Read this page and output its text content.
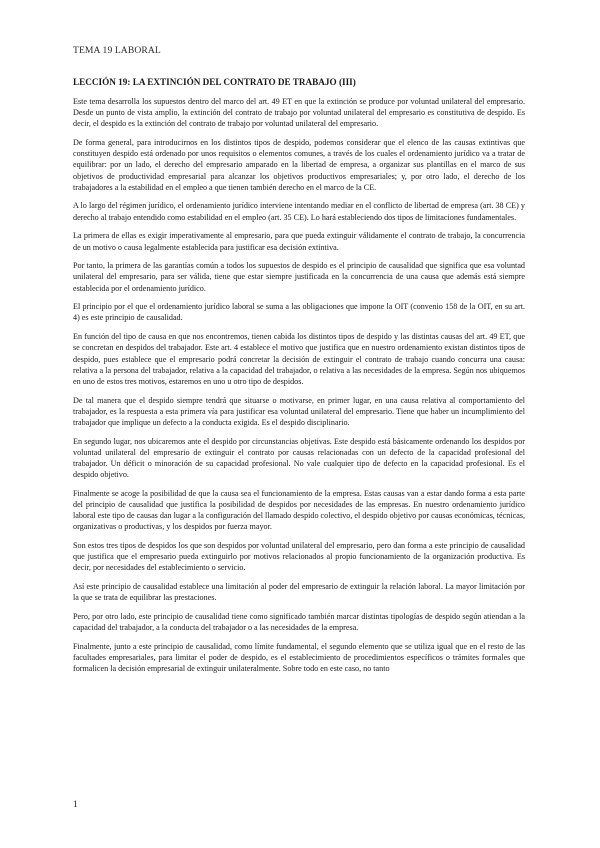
TEMA 19 LABORAL
LECCIÓN 19: LA EXTINCIÓN DEL CONTRATO DE TRABAJO (III)

Este tema desarrolla los supuestos dentro del marco del art. 49 ET en que la extinción se produce por voluntad unilateral del empresario. Desde un punto de vista amplio, la extinción del contrato de trabajo por voluntad unilateral del empresario es constitutiva de despido. Es decir, el despido es la extinción del contrato de trabajo por voluntad unilateral del empresario.

De forma general, para introducirnos en los distintos tipos de despido, podemos considerar que el elenco de las causas extintivas que constituyen despido está ordenado por unos requisitos o elementos comunes, a través de los cuales el ordenamiento jurídico va a tratar de equilibrar: por un lado, el derecho del empresario amparado en la libertad de empresa, a organizar sus plantillas en el marco de sus objetivos de productividad empresarial para alcanzar los objetivos productivos empresariales; y, por otro lado, el derecho de los trabajadores a la estabilidad en el empleo a que tienen también derecho en el marco de la CE.

A lo largo del régimen jurídico, el ordenamiento jurídico interviene intentando mediar en el conflicto de libertad de empresa (art. 38 CE) y derecho al trabajo entendido como estabilidad en el empleo (art. 35 CE). Lo hará estableciendo dos tipos de limitaciones fundamentales.

La primera de ellas es exigir imperativamente al empresario, para que pueda extinguir válidamente el contrato de trabajo, la concurrencia de un motivo o causa legalmente establecida para justificar esa decisión extintiva.

Por tanto, la primera de las garantías común a todos los supuestos de despido es el principio de causalidad que significa que esa voluntad unilateral del empresario, para ser válida, tiene que estar siempre justificada en la concurrencia de una causa que además está siempre establecida por el ordenamiento jurídico.

El principio por el que el ordenamiento jurídico laboral se suma a las obligaciones que impone la OIT (convenio 158 de la OIT, en su art. 4) es este principio de causalidad.

En función del tipo de causa en que nos encontremos, tienen cabida los distintos tipos de despido y las distintas causas del art. 49 ET, que se concretan en despidos del trabajador. Este art. 4 establece el motivo que justifica que en nuestro ordenamiento existan distintos tipos de despido, pues establece que el empresario podrá concretar la decisión de extinguir el contrato de trabajo cuando concurra una causa: relativa a la persona del trabajador, relativa a la capacidad del trabajador, o relativa a las necesidades de la empresa. Según nos ubiquemos en uno de estos tres motivos, estaremos en uno u otro tipo de despidos.

De tal manera que el despido siempre tendrá que situarse o motivarse, en primer lugar, en una causa relativa al comportamiento del trabajador, es la respuesta a esta primera vía para justificar esa voluntad unilateral del empresario. Tiene que haber un incumplimiento del trabajador que implique un defecto a la conducta exigida. Es el despido disciplinario.

En segundo lugar, nos ubicaremos ante el despido por circunstancias objetivas. Este despido está básicamente ordenando los despidos por voluntad unilateral del empresario de extinguir el contrato por causas relacionadas con un defecto de la capacidad profesional del trabajador. Un déficit o minoración de su capacidad profesional. No vale cualquier tipo de defecto en la capacidad profesional. Es el despido objetivo.

Finalmente se acoge la posibilidad de que la causa sea el funcionamiento de la empresa. Estas causas van a estar dando forma a esta parte del principio de causalidad que justifica la posibilidad de despidos por necesidades de las empresas. En nuestro ordenamiento jurídico laboral este tipo de causas dan lugar a la configuración del llamado despido colectivo, el despido objetivo por causas económicas, técnicas, organizativas o productivas, y los despidos por fuerza mayor.

Son estos tres tipos de despidos los que son despidos por voluntad unilateral del empresario, pero dan forma a este principio de causalidad que justifica que el empresario pueda extinguirlo por motivos relacionados al propio funcionamiento de la organización productiva. Es decir, por necesidades del establecimiento o servicio.

Así este principio de causalidad establece una limitación al poder del empresario de extinguir la relación laboral. La mayor limitación por la que se trata de equilibrar las prestaciones.

Pero, por otro lado, este principio de causalidad tiene como significado también marcar distintas tipologías de despido según atiendan a la capacidad del trabajador, a la conducta del trabajador o a las necesidades de la empresa.

Finalmente, junto a este principio de causalidad, como límite fundamental, el segundo elemento que se utiliza igual que en el resto de las facultades empresariales, para limitar el poder de despido, es el establecimiento de procedimientos específicos o trámites formales que formalicen la decisión empresarial de extinguir unilateralmente. Sobre todo en este caso, no tanto

1
